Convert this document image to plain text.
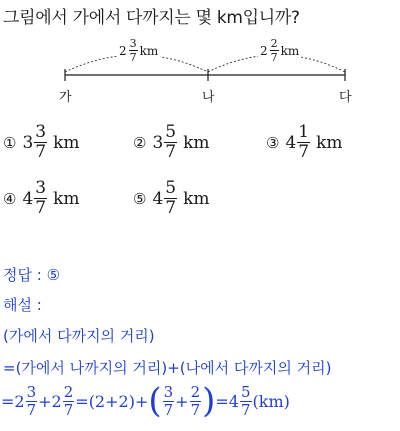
그림에서 가에서 다까지는 몇 km입니까?
$2 \frac{3}{7}$ km	$2 \frac{2}{7}$ km
가	나	다
① $3 \frac{3}{7}$ km	② $3 \frac{5}{7}$ km	③ $4 \frac{1}{7}$ km
④ $4 \frac{3}{7}$ km	⑤ $4 \frac{5}{7}$ km
정답 : ⑤
해설 :
(가에서 다까지의 거리)
=(가에서 나까지의 거리)+(나에서 다까지의 거리)
$=2 \frac{3}{7} +2 \frac{2}{7} =(2+2)+$ ( $\frac{3}{7} + \frac{2}{7}$ ) $=4 \frac{5}{7} (km)$
